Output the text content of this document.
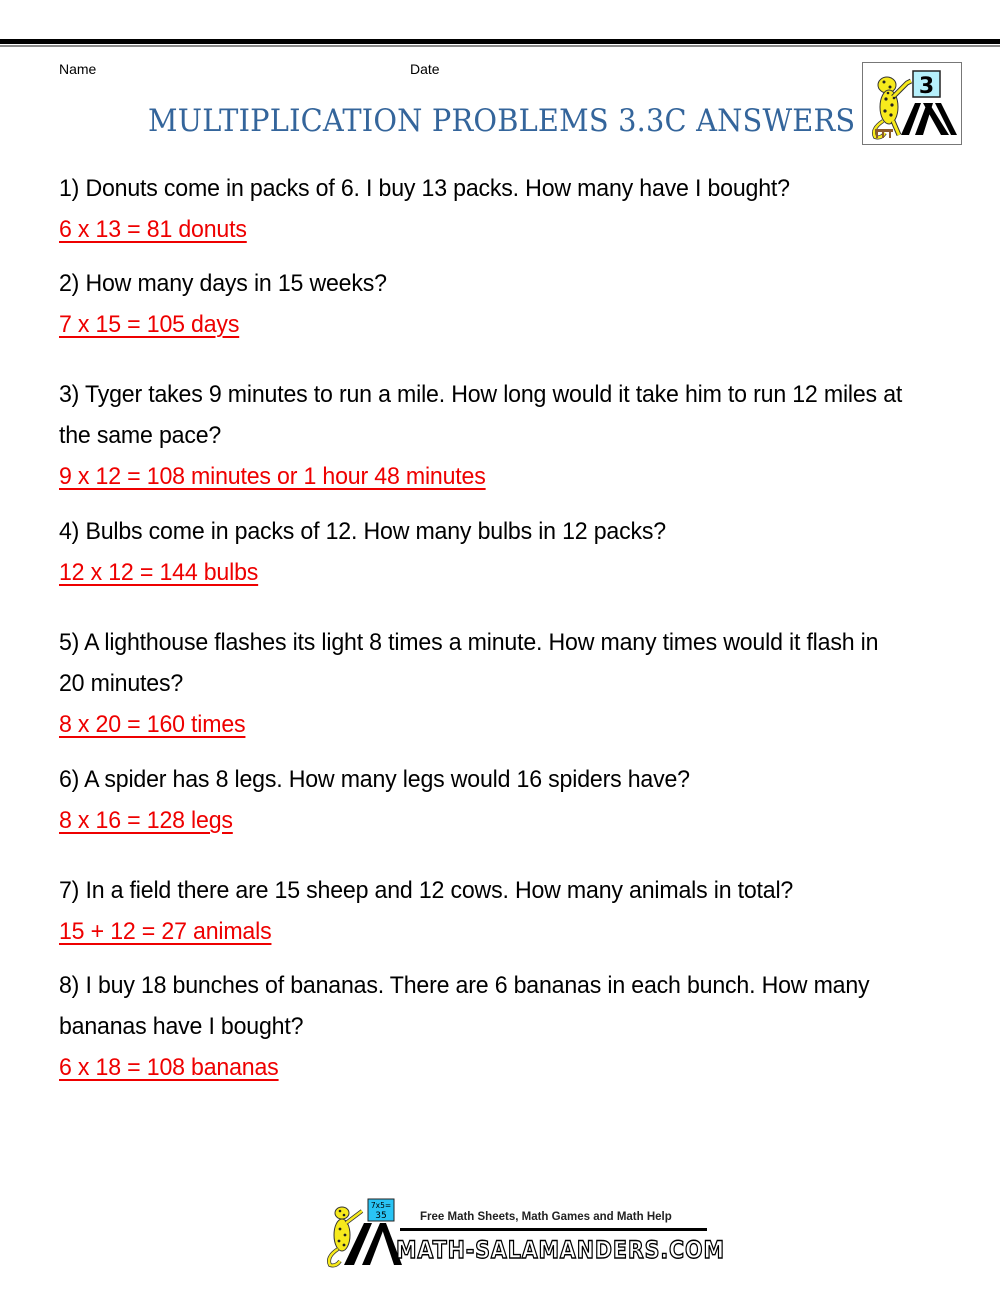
Name	Date
MULTIPLICATION PROBLEMS 3.3C ANSWERS
3
1) Donuts come in packs of 6. I buy 13 packs. How many have I bought?
6 x 13 = 81 donuts
2) How many days in 15 weeks?
7 x 15 = 105 days
3) Tyger takes 9 minutes to run a mile. How long would it take him to run 12 miles at the same pace?
9 x 12 = 108 minutes or 1 hour 48 minutes
4) Bulbs come in packs of 12. How many bulbs in 12 packs?
12 x 12 = 144 bulbs
5) A lighthouse flashes its light 8 times a minute. How many times would it flash in 20 minutes?
8 x 20 = 160 times
6) A spider has 8 legs. How many legs would 16 spiders have?
8 x 16 = 128 legs
7) In a field there are 15 sheep and 12 cows. How many animals in total?
15 + 12 = 27 animals
8) I buy 18 bunches of bananas. There are 6 bananas in each bunch. How many bananas have I bought?
6 x 18 = 108 bananas
7x5=
35	Free Math Sheets, Math Games and Math Help
MATH-SALAMANDERS.COM
